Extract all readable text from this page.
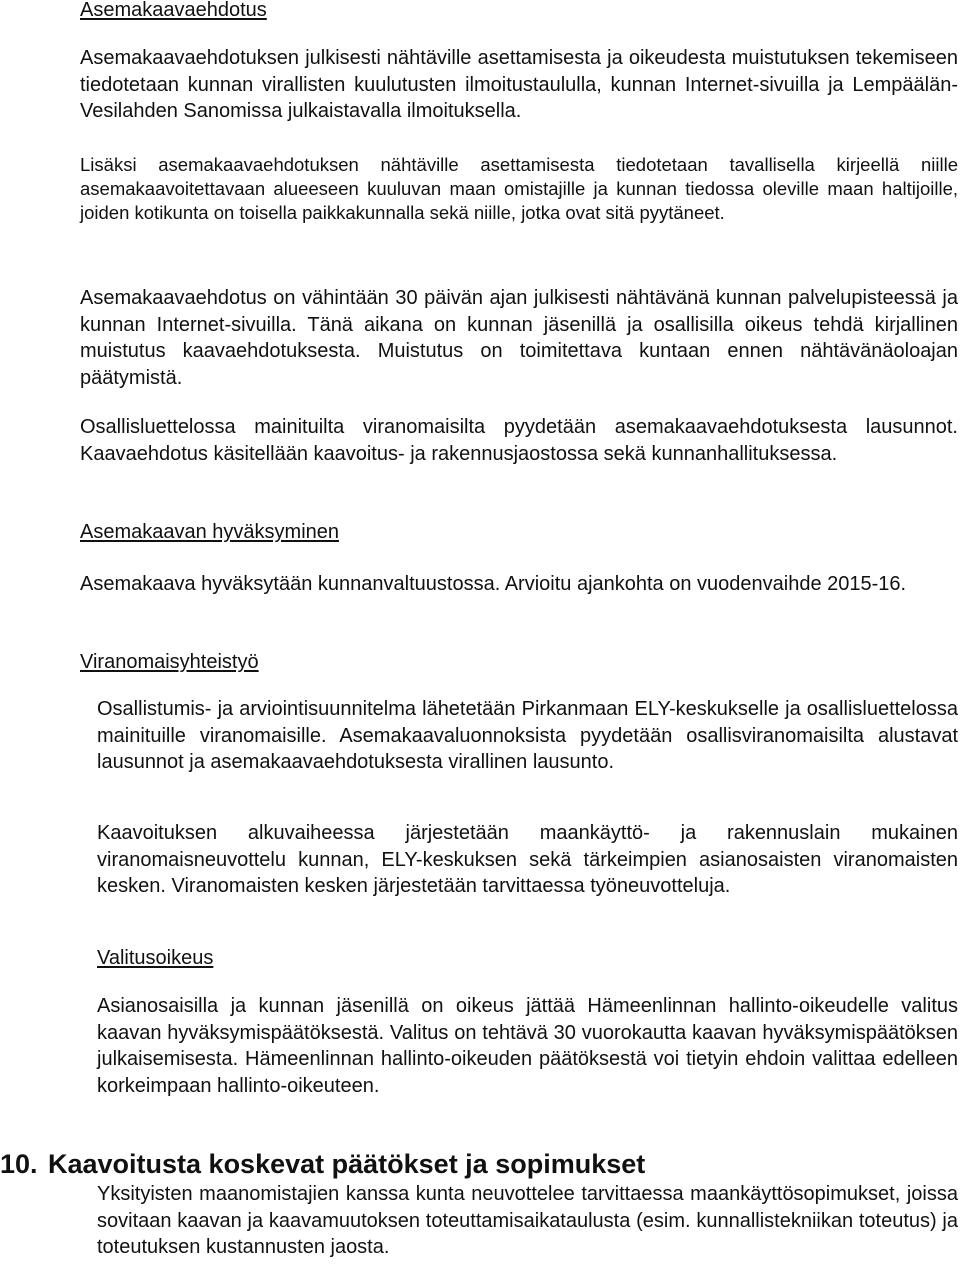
Asemakaavaehdotus

Asemakaavaehdotuksen julkisesti nähtäville asettamisesta ja oikeudesta muistutuksen tekemiseen tiedotetaan kunnan virallisten kuulutusten ilmoitustaululla, kunnan Internet-sivuilla ja Lempäälän- Vesilahden Sanomissa julkaistavalla ilmoituksella.

Lisäksi asemakaavaehdotuksen nähtäville asettamisesta tiedotetaan tavallisella kirjeellä niille asemakaavoitettavaan alueeseen kuuluvan maan omistajille ja kunnan tiedossa oleville maan haltijoille, joiden kotikunta on toisella paikkakunnalla sekä niille, jotka ovat sitä pyytäneet.

Asemakaavaehdotus on vähintään 30 päivän ajan julkisesti nähtävänä kunnan palvelupisteessä ja kunnan Internet-sivuilla. Tänä aikana on kunnan jäsenillä ja osallisilla oikeus tehdä kirjallinen muistutus kaavaehdotuksesta. Muistutus on toimitettava kuntaan ennen nähtävänäoloajan päätymistä.

Osallisluettelossa mainituilta viranomaisilta pyydetään asemakaavaehdotuksesta lausunnot. Kaavaehdotus käsitellään kaavoitus- ja rakennusjaostossa sekä kunnanhallituksessa.

Asemakaavan hyväksyminen

Asemakaava hyväksytään kunnanvaltuustossa. Arvioitu ajankohta on vuodenvaihde 2015-16.

Viranomaisyhteistyö

Osallistumis- ja arviointisuunnitelma lähetetään Pirkanmaan ELY-keskukselle ja osallisluettelossa mainituille viranomaisille. Asemakaavaluonnoksista pyydetään osallisviranomaisilta alustavat lausunnot ja asemakaavaehdotuksesta virallinen lausunto.

Kaavoituksen alkuvaiheessa järjestetään maankäyttö- ja rakennuslain mukainen viranomaisneuvottelu kunnan, ELY-keskuksen sekä tärkeimpien asianosaisten viranomaisten kesken. Viranomaisten kesken järjestetään tarvittaessa työneuvotteluja.

Valitusoikeus

Asianosaisilla ja kunnan jäsenillä on oikeus jättää Hämeenlinnan hallinto-oikeudelle valitus kaavan hyväksymispäätöksestä. Valitus on tehtävä 30 vuorokautta kaavan hyväksymispäätöksen julkaisemisesta. Hämeenlinnan hallinto-oikeuden päätöksestä voi tietyin ehdoin valittaa edelleen korkeimpaan hallinto-oikeuteen.

10. Kaavoitusta koskevat päätökset ja sopimukset

Yksityisten maanomistajien kanssa kunta neuvottelee tarvittaessa maankäyttösopimukset, joissa sovitaan kaavan ja kaavamuutoksen toteuttamisaikataulusta (esim. kunnallistekniikan toteutus) ja toteutuksen kustannusten jaosta.
